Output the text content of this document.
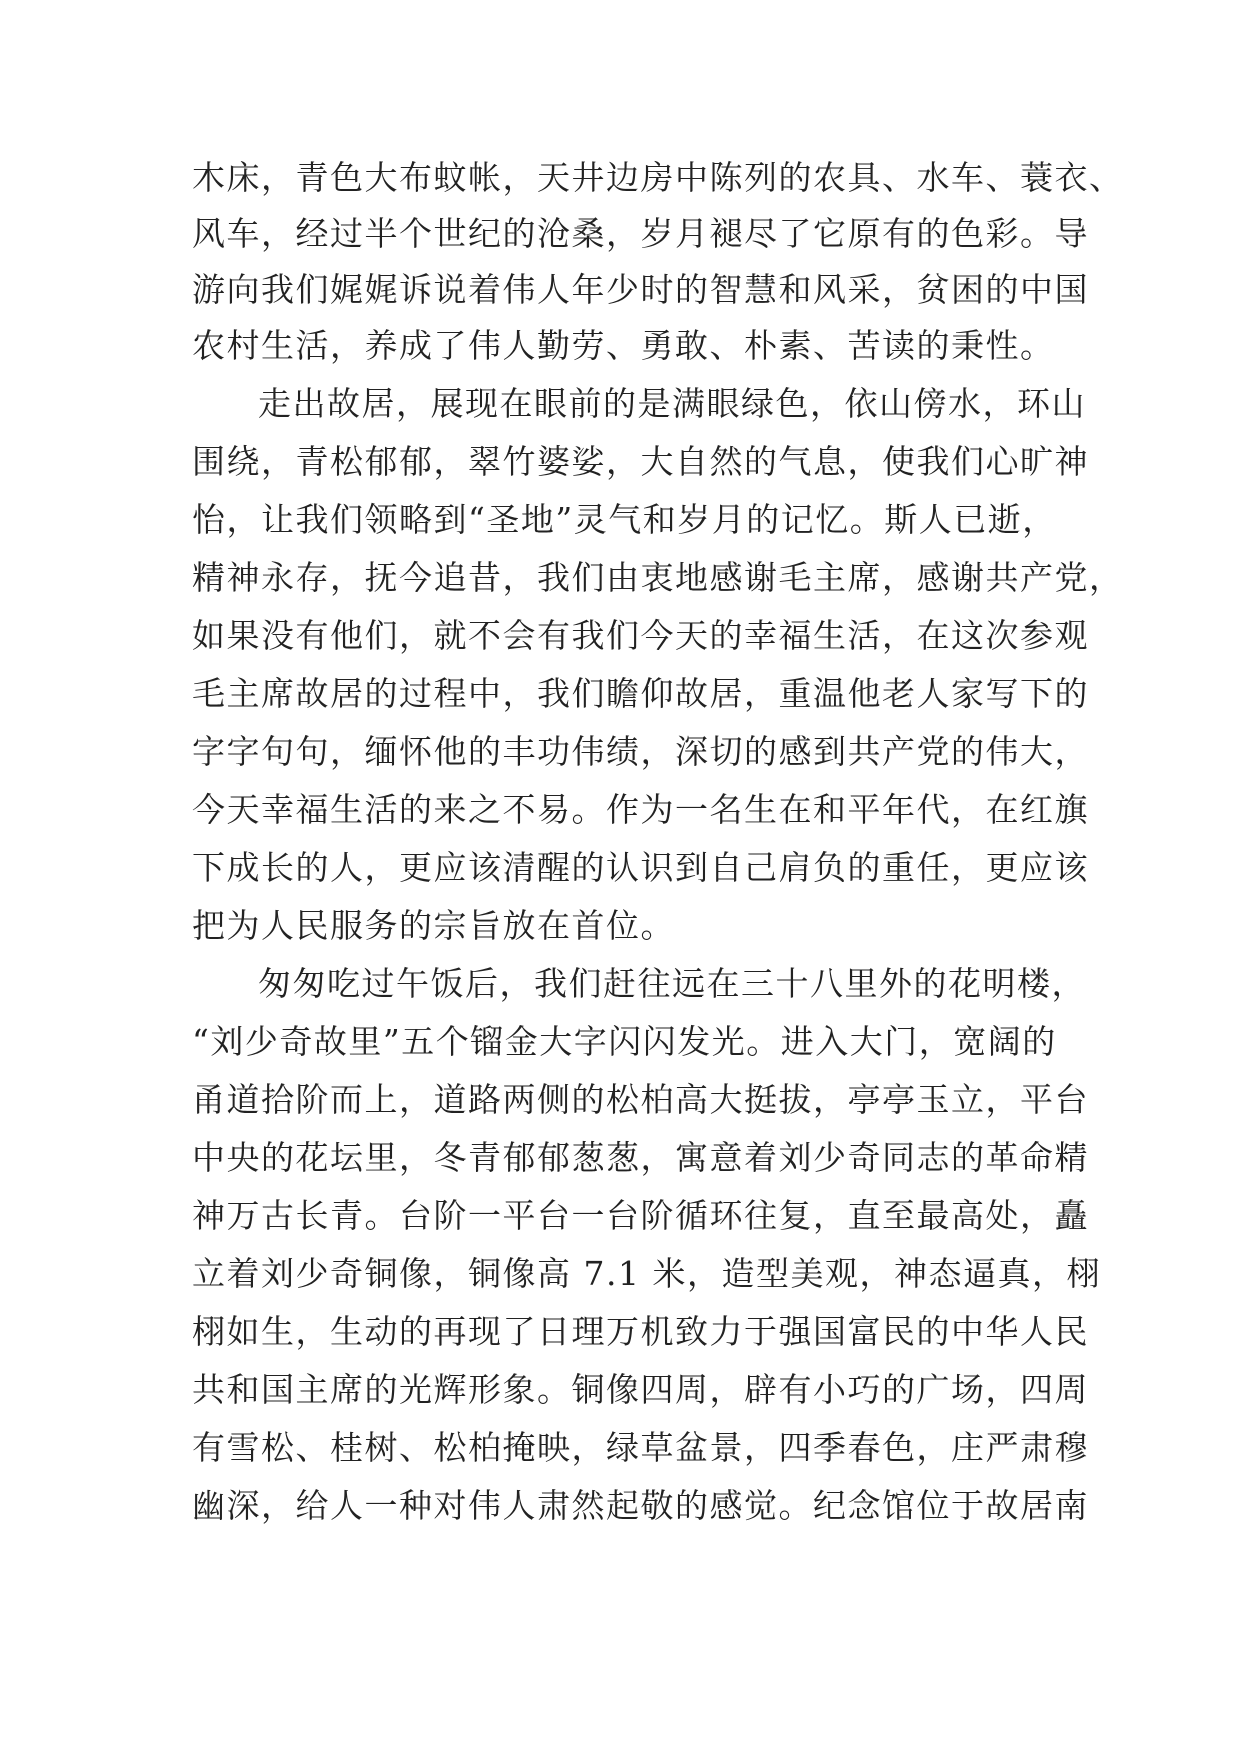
木床，青色大布蚊帐，天井边房中陈列的农具、水车、蓑衣、
风车，经过半个世纪的沧桑，岁月褪尽了它原有的色彩。导
游向我们娓娓诉说着伟人年少时的智慧和风采，贫困的中国
农村生活，养成了伟人勤劳、勇敢、朴素、苦读的秉性。
走出故居，展现在眼前的是满眼绿色，依山傍水，环山
围绕，青松郁郁，翠竹婆娑，大自然的气息，使我们心旷神
怡，让我们领略到“圣地”灵气和岁月的记忆。斯人已逝，
精神永存，抚今追昔，我们由衷地感谢毛主席，感谢共产党，
如果没有他们，就不会有我们今天的幸福生活，在这次参观
毛主席故居的过程中，我们瞻仰故居，重温他老人家写下的
字字句句，缅怀他的丰功伟绩，深切的感到共产党的伟大，
今天幸福生活的来之不易。作为一名生在和平年代，在红旗
下成长的人，更应该清醒的认识到自己肩负的重任，更应该
把为人民服务的宗旨放在首位。
匆匆吃过午饭后，我们赶往远在三十八里外的花明楼，
“刘少奇故里”五个镏金大字闪闪发光。进入大门，宽阔的
甬道拾阶而上，道路两侧的松柏高大挺拔，亭亭玉立，平台
中央的花坛里，冬青郁郁葱葱，寓意着刘少奇同志的革命精
神万古长青。台阶一平台一台阶循环往复，直至最高处，矗
立着刘少奇铜像，铜像高 7.1 米，造型美观，神态逼真，栩
栩如生，生动的再现了日理万机致力于强国富民的中华人民
共和国主席的光辉形象。铜像四周，辟有小巧的广场，四周
有雪松、桂树、松柏掩映，绿草盆景，四季春色，庄严肃穆
幽深，给人一种对伟人肃然起敬的感觉。纪念馆位于故居南
